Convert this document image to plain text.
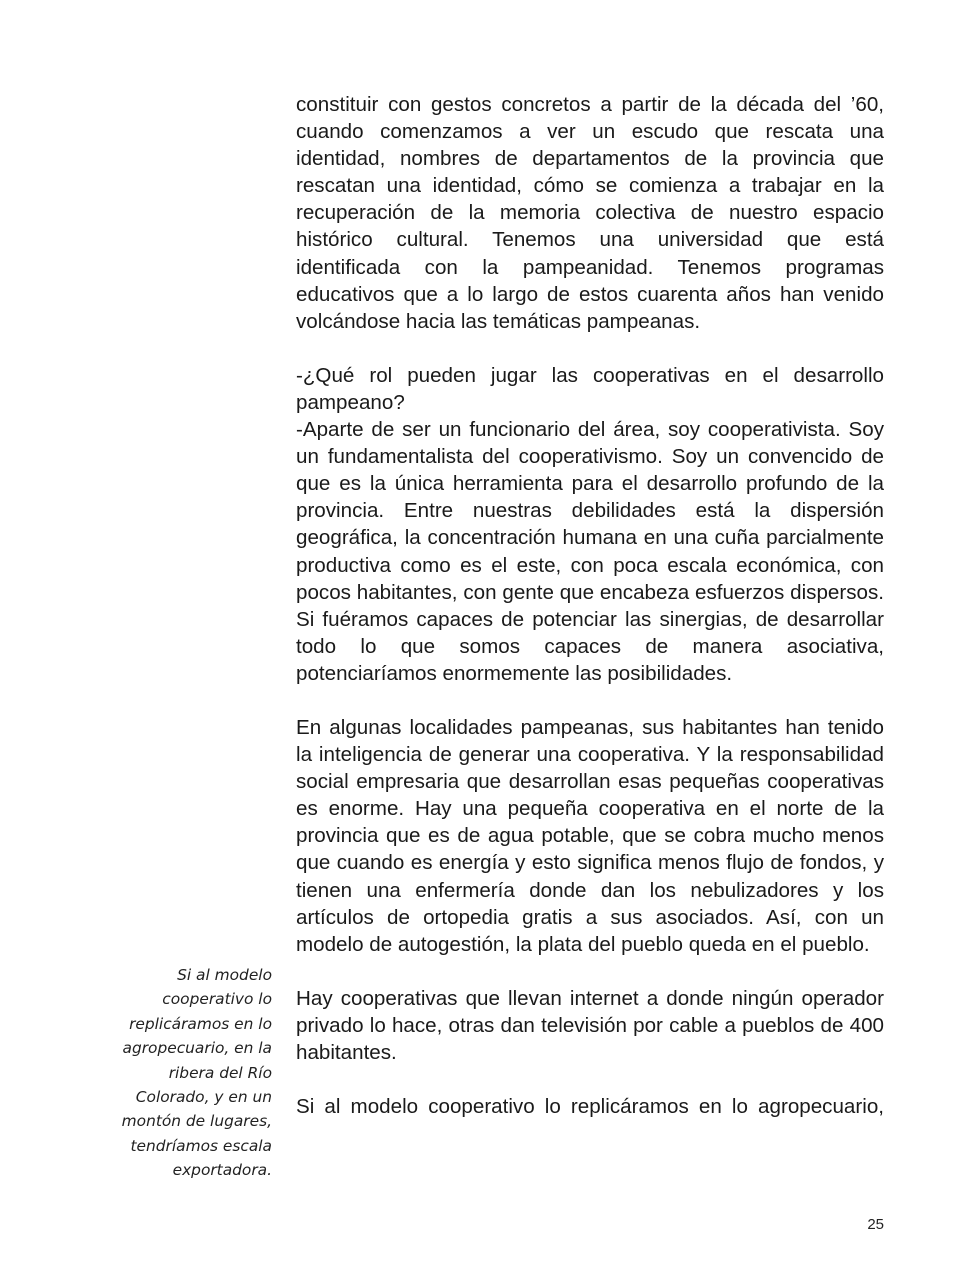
constituir con gestos concretos a partir de la década del ’60, cuando comenzamos a ver un escudo que rescata una identidad, nombres de departamentos de la provincia que rescatan una identidad, cómo se comienza a trabajar en la recuperación de la memoria colectiva de nuestro espacio histórico cultural. Tenemos una universidad que está identificada con la pampeanidad. Tenemos programas educativos que a lo largo de estos cuarenta años han venido volcándose hacia las temáticas pampeanas.

-¿Qué rol pueden jugar las cooperativas en el desarrollo pampeano?

-Aparte de ser un funcionario del área, soy cooperativista. Soy un fundamentalista del cooperativismo. Soy un convencido de que es la única herramienta para el desarrollo profundo de la provincia. Entre nuestras debilidades está la dispersión geográfica, la concentración humana en una cuña parcialmente productiva como es el este, con poca escala económica, con pocos habitantes, con gente que encabeza esfuerzos dispersos. Si fuéramos capaces de potenciar las sinergias, de desarrollar todo lo que somos capaces de manera asociativa, potenciaríamos enormemente las posibilidades.

En algunas localidades pampeanas, sus habitantes han tenido la inteligencia de generar una cooperativa. Y la responsabilidad social empresaria que desarrollan esas pequeñas cooperativas es enorme. Hay una pequeña cooperativa en el norte de la provincia que es de agua potable, que se cobra mucho menos que cuando es energía y esto significa menos flujo de fondos, y tienen una enfermería donde dan los nebulizadores y los artículos de ortopedia gratis a sus asociados. Así, con un modelo de autogestión, la plata del pueblo queda en el pueblo.

Hay cooperativas que llevan internet a donde ningún operador privado lo hace, otras dan televisión por cable a pueblos de 400 habitantes.

Si al modelo cooperativo lo replicáramos en lo agropecuario,

Si al modelo cooperativo lo replicáramos en lo agropecuario, en la ribera del Río Colorado, y en un montón de lugares, tendríamos escala exportadora.
25
